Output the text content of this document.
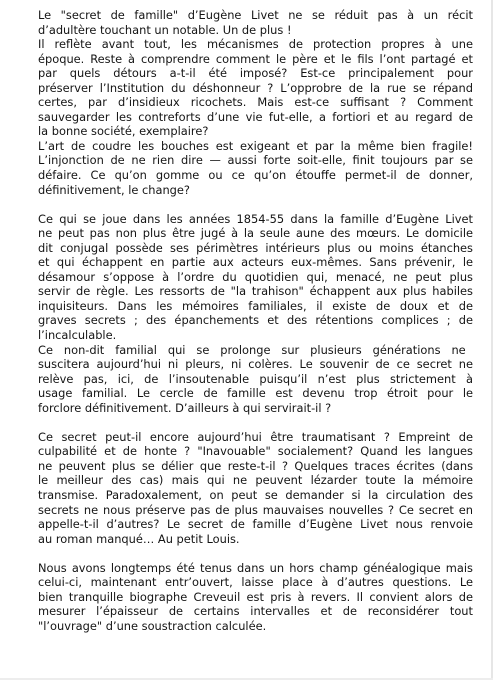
Le "secret de famille" d’Eugène Livet ne se réduit pas à un récit
d’adultère touchant un notable. Un de plus !
Il reflète avant tout, les mécanismes de protection propres à une
époque. Reste à comprendre comment le père et le fils l’ont partagé et
par quels détours a-t-il été imposé? Est-ce principalement pour
préserver l’Institution du déshonneur ? L’opprobre de la rue se répand
certes, par d’insidieux ricochets. Mais est-ce suffisant ? Comment
sauvegarder les contreforts d’une vie fut-elle, a fortiori et au regard de
la bonne société, exemplaire?
L’art de coudre les bouches est exigeant et par la même bien fragile!
L’injonction de ne rien dire — aussi forte soit-elle, finit toujours par se
défaire. Ce qu’on gomme ou ce qu’on étouffe permet-il de donner,
définitivement, le change?
Ce qui se joue dans les années 1854-55 dans la famille d’Eugène Livet
ne peut pas non plus être jugé à la seule aune des mœurs. Le domicile
dit conjugal possède ses périmètres intérieurs plus ou moins étanches
et qui échappent en partie aux acteurs eux-mêmes. Sans prévenir, le
désamour s’oppose à l’ordre du quotidien qui, menacé, ne peut plus
servir de règle. Les ressorts de "la trahison" échappent aux plus habiles
inquisiteurs. Dans les mémoires familiales, il existe de doux et de
graves secrets ; des épanchements et des rétentions complices ; de
l’incalculable.
Ce non-dit familial qui se prolonge sur plusieurs générations ne
suscitera aujourd’hui ni pleurs, ni colères. Le souvenir de ce secret ne
relève pas, ici, de l’insoutenable puisqu’il n’est plus strictement à
usage familial. Le cercle de famille est devenu trop étroit pour le
forclore définitivement. D’ailleurs à qui servirait-il ?
Ce secret peut-il encore aujourd’hui être traumatisant ? Empreint de
culpabilité et de honte ? "Inavouable" socialement? Quand les langues
ne peuvent plus se délier que reste-t-il ? Quelques traces écrites (dans
le meilleur des cas) mais qui ne peuvent lézarder toute la mémoire
transmise. Paradoxalement, on peut se demander si la circulation des
secrets ne nous préserve pas de plus mauvaises nouvelles ? Ce secret en
appelle-t-il d’autres? Le secret de famille d’Eugène Livet nous renvoie
au roman manqué… Au petit Louis.
Nous avons longtemps été tenus dans un hors champ généalogique mais
celui-ci, maintenant entr’ouvert, laisse place à d’autres questions. Le
bien tranquille biographe Creveuil est pris à revers. Il convient alors de
mesurer l’épaisseur de certains intervalles et de reconsidérer tout
"l’ouvrage" d’une soustraction calculée.
